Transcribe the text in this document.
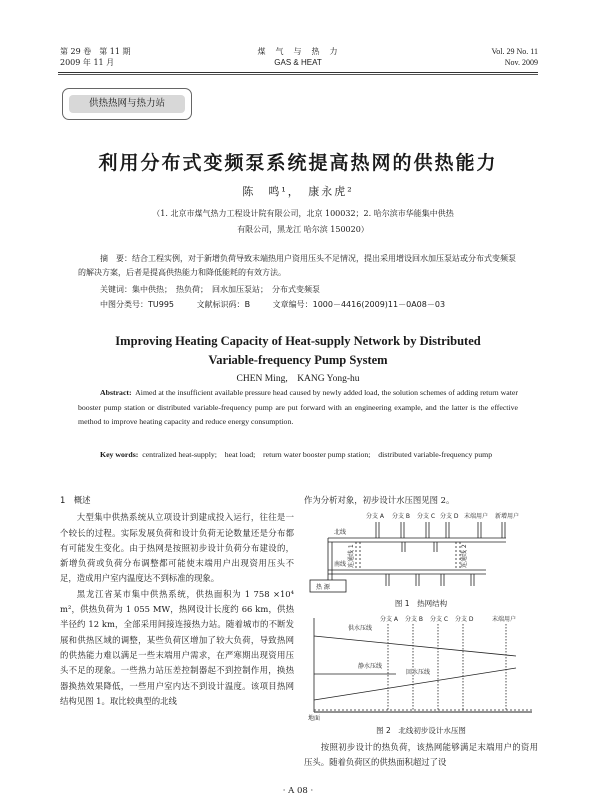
第 29 卷　第 11 期
2009 年 11 月
煤　气　与　热　力
GAS & HEAT
Vol. 29 No. 11
Nov. 2009
供热热网与热力站
利用分布式变频泵系统提高热网的供热能力
陈　鸣¹，　康永虎²
（1. 北京市煤气热力工程设计院有限公司，北京 100032；2. 哈尔滨市华能集中供热
有限公司，黑龙江 哈尔滨 150020）
摘　要：结合工程实例，对于新增负荷导致末端热用户资用压头不足情况，提出采用增设回水加压泵站或分布式变频泵的解决方案，后者是提高供热能力和降低能耗的有效方法。
关键词：集中供热；　热负荷；　回水加压泵站；　分布式变频泵
中图分类号：TU995	文献标识码：B	文章编号：1000－4416(2009)11－0A08－03
Improving Heating Capacity of Heat-supply Network by Distributed
Variable-frequency Pump System
CHEN Ming,　KANG Yong-hu
Abstract: Aimed at the insufficient available pressure head caused by newly added load, the solution schemes of adding return water booster pump station or distributed variable-frequency pump are put forward with an engineering example, and the latter is the effective method to improve heating capacity and reduce energy consumption.
Key words: centralized heat-supply;　heat load;　return water booster pump station;　distributed variable-frequency pump
1　概述

大型集中供热系统从立项设计到建成投入运行，往往是一个较长的过程。实际发展负荷和设计负荷无论数量还是分布都有可能发生变化。由于热网是按照初步设计负荷分布建设的，新增负荷或负荷分布调整都可能使末端用户出现资用压头不足，造成用户室内温度达不到标准的现象。

黑龙江省某市集中供热系统，供热面积为 1 758 ×10⁴ m²，供热负荷为 1 055 MW，热网设计长度约 66 km，供热半径约 12 km，全部采用间接连接热力站。随着城市的不断发展和供热区域的调整，某些负荷区增加了较大负荷，导致热网的供热能力难以满足一些末端用户需求，在严寒期出现资用压头不足的现象。一些热力站压差控制器起不到控制作用，换热器换热效果降低，一些用户室内达不到设计温度。该项目热网结构见图 1。取比较典型的北线

作为分析对象，初步设计水压图见图 2。
分支 A 分支 B 分支 C 分支 D 末端用户 新增用户
北线
南线 连通线 1	连通线 2
热 源
图 1　热网结构
分支 A 分支 B 分支 C 分支 D	末端用户
供水压线
静水压线
回水压线
地面
图 2　北线初步设计水压图

按照初步设计的热负荷，该热网能够满足末端用户的资用压头。随着负荷区的供热面积超过了设

· A 08 ·
